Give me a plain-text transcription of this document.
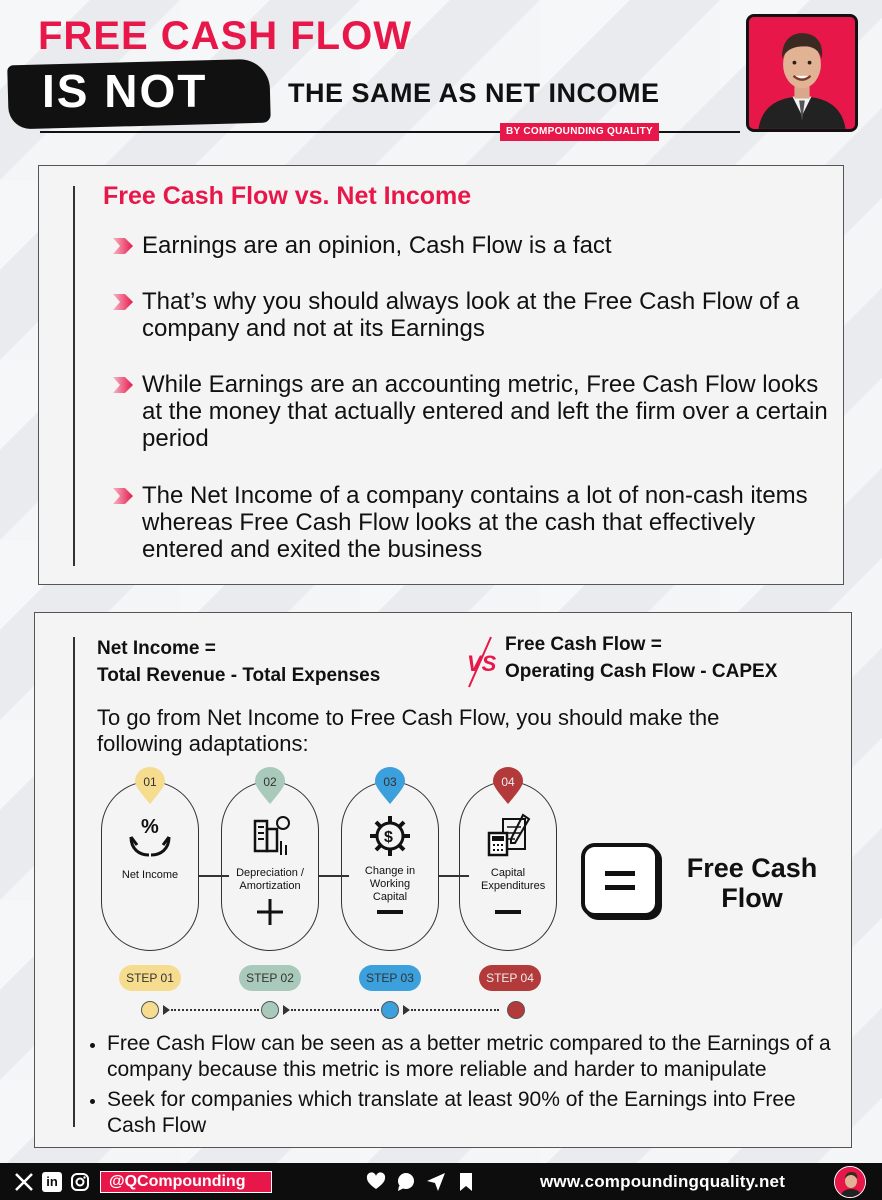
FREE CASH FLOW
IS NOT	THE SAME AS NET INCOME
BY COMPOUNDING QUALITY
Free Cash Flow vs. Net Income
Earnings are an opinion, Cash Flow is a fact
That’s why you should always look at the Free Cash Flow of a company and not at its Earnings
While Earnings are an accounting metric, Free Cash Flow looks at the money that actually entered and left the firm over a certain period
The Net Income of a company contains a lot of non-cash items whereas Free Cash Flow looks at the cash that effectively entered and exited the business
Net Income =
Total Revenue - Total Expenses	VS
Free Cash Flow =
Operating Cash Flow - CAPEX
To go from Net Income to Free Cash Flow, you should make the following adaptations:
01	02	03	04
%	$
Net Income	Depreciation / Amortization
Change in Working Capital
Capital Expenditures
Free Cash Flow
STEP 01	STEP 02	STEP 03	STEP 04
Free Cash Flow can be seen as a better metric compared to the Earnings of a company because this metric is more reliable and harder to manipulate
Seek for companies which translate at least 90% of the Earnings into Free Cash Flow
in	@QCompounding	www.compoundingquality.net
